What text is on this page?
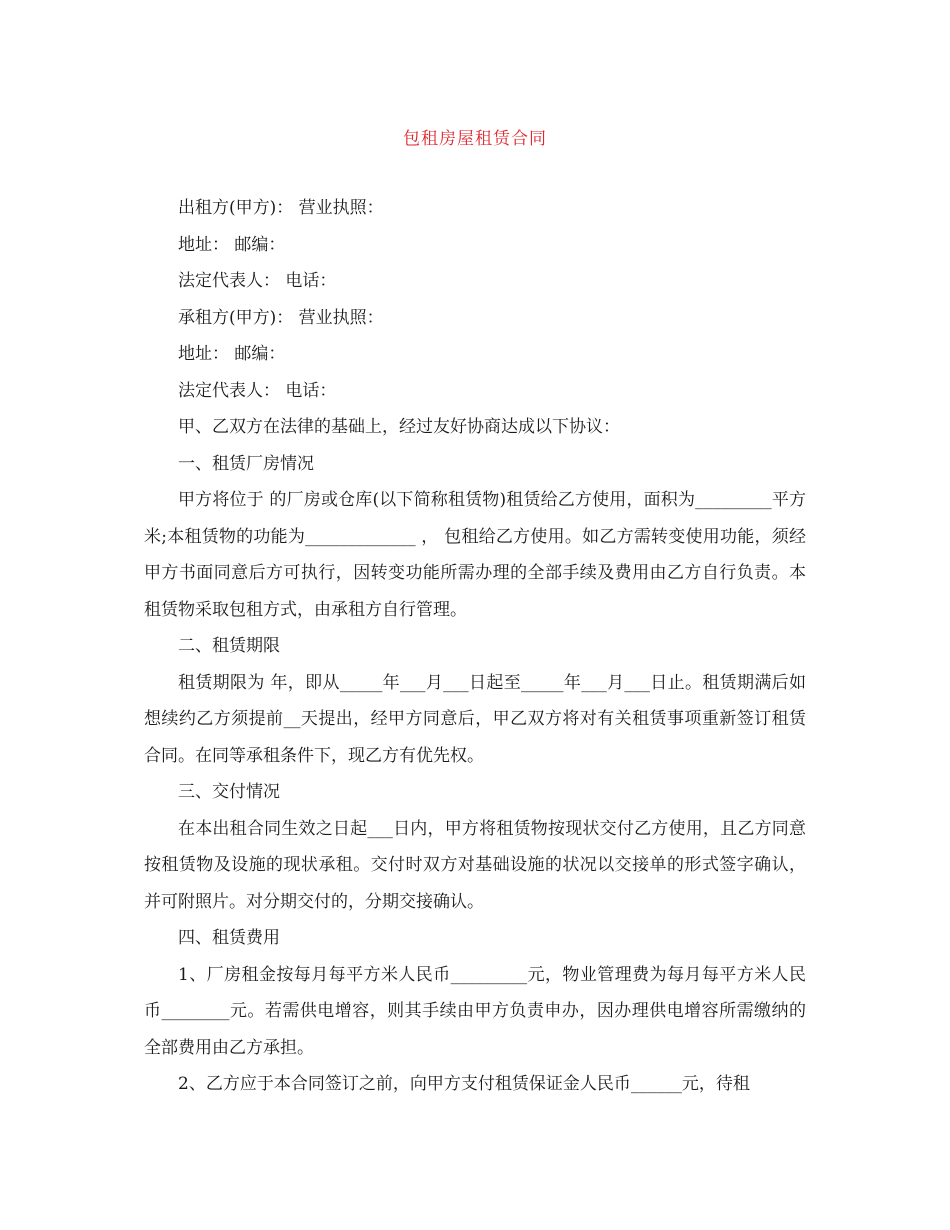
包租房屋租赁合同

出租方(甲方)： 营业执照：

地址： 邮编：

法定代表人： 电话：

承租方(甲方)： 营业执照：

地址： 邮编：

法定代表人： 电话：

甲、乙双方在法律的基础上，经过友好协商达成以下协议：

一、租赁厂房情况

甲方将位于 的厂房或仓库(以下简称租赁物)租赁给乙方使用，面积为_________平方米;本租赁物的功能为_____________ ， 包租给乙方使用。如乙方需转变使用功能，须经甲方书面同意后方可执行，因转变功能所需办理的全部手续及费用由乙方自行负责。本租赁物采取包租方式，由承租方自行管理。

二、租赁期限

租赁期限为 年，即从_____年___月___日起至_____年___月___日止。租赁期满后如想续约乙方须提前__天提出，经甲方同意后，甲乙双方将对有关租赁事项重新签订租赁合同。在同等承租条件下，现乙方有优先权。

三、交付情况

在本出租合同生效之日起___日内，甲方将租赁物按现状交付乙方使用，且乙方同意按租赁物及设施的现状承租。交付时双方对基础设施的状况以交接单的形式签字确认，并可附照片。对分期交付的，分期交接确认。

四、租赁费用

1、厂房租金按每月每平方米人民币_________元，物业管理费为每月每平方米人民币________元。若需供电增容，则其手续由甲方负责申办，因办理供电增容所需缴纳的全部费用由乙方承担。

2、乙方应于本合同签订之前，向甲方支付租赁保证金人民币______元，待租
